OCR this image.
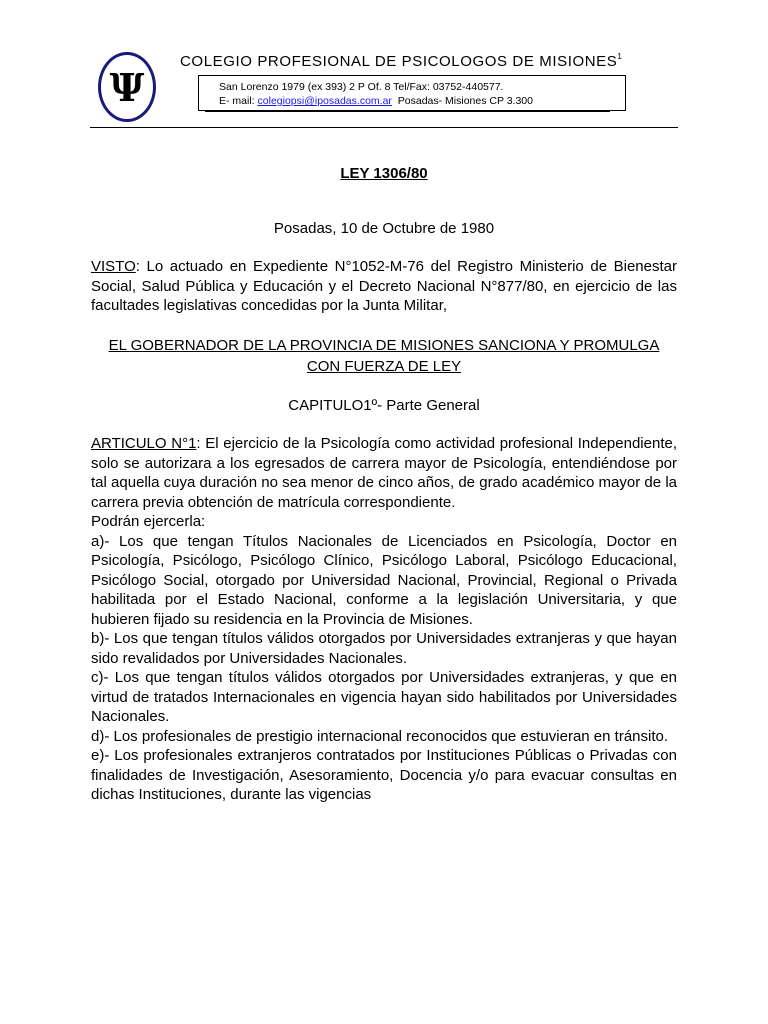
Ψ
COLEGIO PROFESIONAL DE PSICOLOGOS DE MISIONES$^1$
San Lorenzo 1979 (ex 393) 2 P Of. 8 Tel/Fax: 03752-440577.
E- mail: colegiopsi@iposadas.com.ar  Posadas- Misiones CP 3.300

LEY 1306/80

Posadas, 10 de Octubre de 1980

VISTO: Lo actuado en Expediente N°1052-M-76 del Registro Ministerio de Bienestar Social, Salud Pública y Educación y el Decreto Nacional N°877/80, en ejercicio de las facultades legislativas concedidas por la Junta Militar,

EL GOBERNADOR DE LA PROVINCIA DE MISIONES SANCIONA Y PROMULGA CON FUERZA DE LEY

CAPITULO1º- Parte General

ARTICULO N°1: El ejercicio de la Psicología como actividad profesional Independiente, solo se autorizara a los egresados de carrera mayor de Psicología, entendiéndose por tal aquella cuya duración no sea menor de cinco años, de grado académico mayor de la carrera previa obtención de matrícula correspondiente.

Podrán ejercerla:

a)- Los que tengan Títulos Nacionales de Licenciados en Psicología, Doctor en Psicología, Psicólogo, Psicólogo Clínico, Psicólogo Laboral, Psicólogo Educacional, Psicólogo Social, otorgado por Universidad Nacional, Provincial, Regional o Privada habilitada por el Estado Nacional, conforme a la legislación Universitaria, y que hubieren fijado su residencia en la Provincia de Misiones.

b)- Los que tengan títulos válidos otorgados por Universidades extranjeras y que hayan sido revalidados por Universidades Nacionales.

c)- Los que tengan títulos válidos otorgados por Universidades extranjeras, y que en virtud de tratados Internacionales en vigencia hayan sido habilitados por Universidades Nacionales.

d)- Los profesionales de prestigio internacional reconocidos que estuvieran en tránsito.

e)- Los profesionales extranjeros contratados por Instituciones Públicas o Privadas con finalidades de Investigación, Asesoramiento, Docencia y/o para evacuar consultas en dichas Instituciones, durante las vigencias
